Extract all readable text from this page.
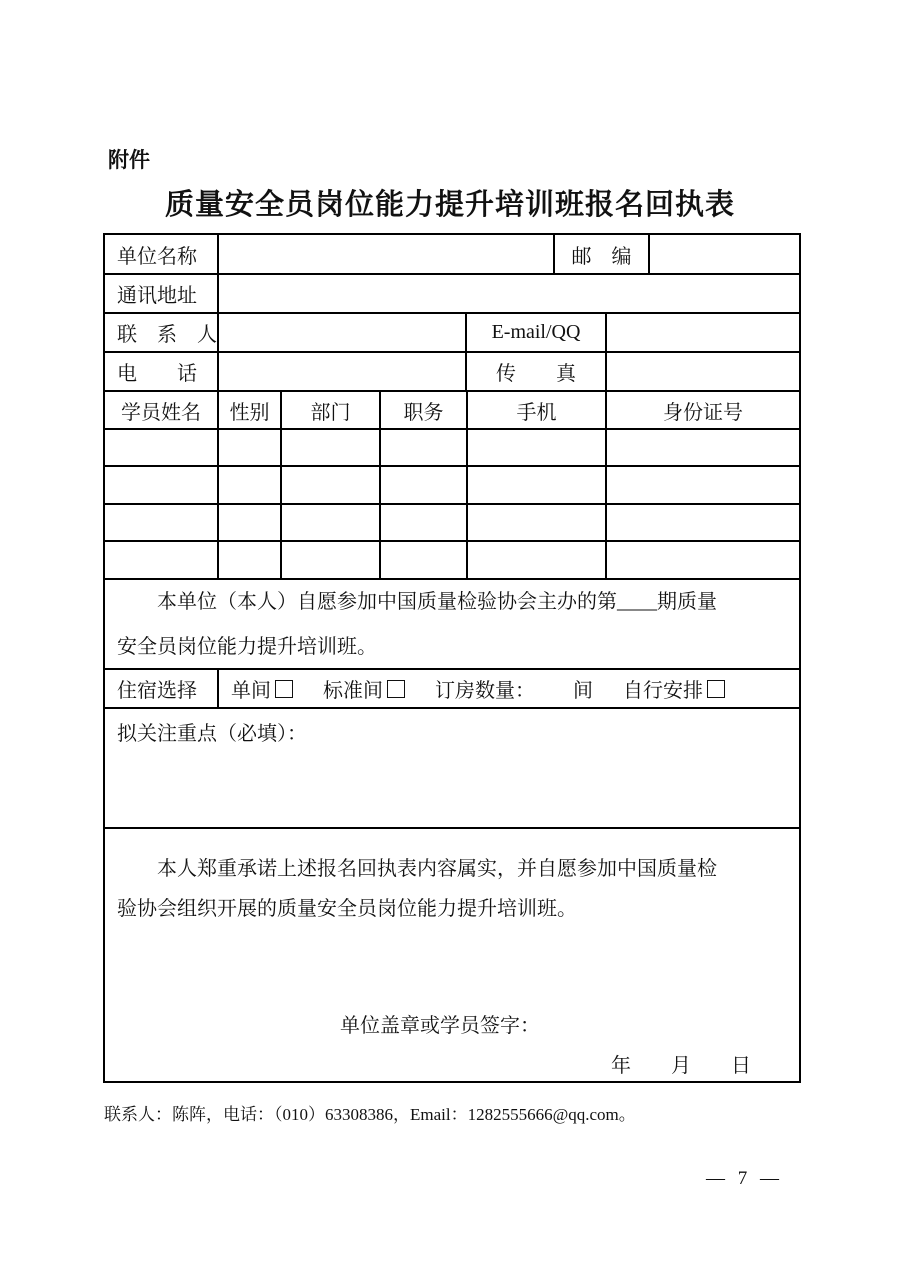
附件
质量安全员岗位能力提升培训班报名回执表
单位名称	邮　编
通讯地址
联　系　人	E-mail/QQ
电　　话	传　　真
学员姓名	性别	部门	职务	手机	身份证号
本单位（本人）自愿参加中国质量检验协会主办的第____期质量
安全员岗位能力提升培训班。
住宿选择	单间	标准间	订房数量： 间 自行安排
拟关注重点（必填）：
本人郑重承诺上述报名回执表内容属实，并自愿参加中国质量检
验协会组织开展的质量安全员岗位能力提升培训班。
单位盖章或学员签字：
年　　月　　日
联系人：陈阵，电话：（010）63308386，Email：1282555666@qq.com。
— 7 —
